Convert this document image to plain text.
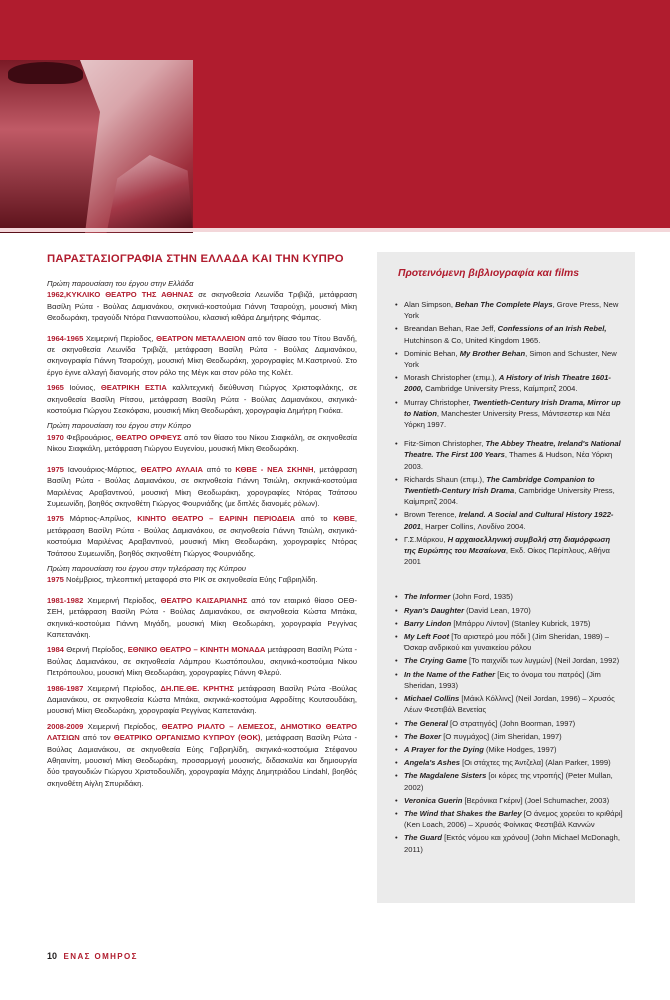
ΠΑΡΑΣΤΑΣΙΟΓΡΑΦΙΑ ΣΤΗΝ ΕΛΛΑΔΑ ΚΑΙ ΤΗΝ ΚΥΠΡΟ

Πρώτη παρουσίαση του έργου στην Ελλάδα

1962,ΚΥΚΛΙΚΟ ΘΕΑΤΡΟ ΤΗΣ ΑΘΗΝΑΣ σε σκηνοθεσία Λεωνίδα Τριβιζά, μετάφραση Βασίλη Ρώτα - Βούλας Δαμιανάκου, σκηνικά-κοστούμια Γιάννη Τσαρούχη, μουσική Μίκη Θεοδωράκη, τραγούδι Ντόρα Γιανναοπούλου, κλασική κιθάρα Δημήτρης Φάμπας.

1964-1965 Χειμερινή Περίοδος, ΘΕΑΤΡΟΝ ΜΕΤΑΛΛΕΙΟΝ από τον θίασο του Τίτου Βανδή, σε σκηνοθεσία Λεωνίδα Τριβιζά, μετάφραση Βασίλη Ρώτα - Βούλας Δαμιανάκου, σκηνογραφία Γιάννη Τσαρούχη, μουσική Μίκη Θεοδωράκη, χορογραφίες Μ.Καστρινού. Στο έργο έγινε αλλαγή διανομής στον ρόλο της Μέγκ και στον ρόλο της Κολέτ.

1965 Ιούνιος, ΘΕΑΤΡΙΚΗ ΕΣΤΙΑ καλλιτεχνική διεύθυνση Γιώργος Χριστοφιλάκης, σε σκηνοθεσία Βασίλη Ρίτσου, μετάφραση Βασίλη Ρώτα - Βούλας Δαμιανάκου, σκηνικά-κοστούμια Γιώργου Σεσκόφσκι, μουσική Μίκη Θεοδωράκη, χορογραφία Δημήτρη Γκιόκα.

Πρώτη παρουσίαση του έργου στην Κύπρο

1970 Φεβρουάριος, ΘΕΑΤΡΟ ΟΡΦΕΥΣ από τον θίασο του Νίκου Σιαφκάλη, σε σκηνοθεσία Νίκου Σιαφκάλη, μετάφραση Γιώργου Ευγενίου, μουσική Μίκη Θεοδωράκη.

1975 Ιανουάριος-Μάρτιος, ΘΕΑΤΡΟ ΑΥΛΑΙΑ από το ΚΘΒΕ - ΝΕΑ ΣΚΗΝΗ, μετάφραση Βασίλη Ρώτα - Βούλας Δαμιανάκου, σε σκηνοθεσία Γιάννη Τσιώλη, σκηνικά-κοστούμια Μαριλένας Αραβαντινού, μουσική Μίκη Θεοδωράκη, χορογραφίες Ντόρας Τσάτσου Συμεωνίδη, βοηθός σκηνοθέτη Γιώργος Φουρνιάδης (με διπλές διανομές ρόλων).

1975 Μάρτιος-Απρίλιος, ΚΙΝΗΤΟ ΘΕΑΤΡΟ – ΕΑΡΙΝΗ ΠΕΡΙΟΔΕΙΑ από το ΚΘΒΕ, μετάφραση Βασίλη Ρώτα - Βούλας Δαμιανάκου, σε σκηνοθεσία Γιάννη Τσιώλη, σκηνικά-κοστούμια Μαριλένας Αραβαντινού, μουσική Μίκη Θεοδωράκη, χορογραφίες Ντόρας Τσάτσου Συμεωνίδη, βοηθός σκηνοθέτη Γιώργος Φουρνιάδης.

Πρώτη παρουσίαση του έργου στην τηλεόραση της Κύπρου

1975 Νοέμβριος, τηλεοπτική μεταφορά στο ΡΙΚ σε σκηνοθεσία Εύης Γαβριηλίδη.

1981-1982 Χειμερινή Περίοδος, ΘΕΑΤΡΟ ΚΑΙΣΑΡΙΑΝΗΣ από τον εταιρικό θίασο ΟΕΘ-ΣΕΗ, μετάφραση Βασίλη Ρώτα - Βούλας Δαμιανάκου, σε σκηνοθεσία Κώστα Μπάκα, σκηνικά-κοστούμια Γιάννη Μιγάδη, μουσική Μίκη Θεοδωράκη, χορογραφία Ρεγγίνας Καπετανάκη.

1984 Θερινή Περίοδος, ΕΘΝΙΚΟ ΘΕΑΤΡΟ – ΚΙΝΗΤΗ ΜΟΝΑΔΑ μετάφραση Βασίλη Ρώτα - Βούλας Δαμιανάκου, σε σκηνοθεσία Λάμπρου Κωστόπουλου, σκηνικά-κοστούμια Νίκου Πετρόπουλου, μουσική Μίκη Θεοδωράκη, χορογραφίες Γιάννη Φλερύ.

1986-1987 Χειμερινή Περίοδος, ΔΗ.ΠΕ.ΘΕ. ΚΡΗΤΗΣ μετάφραση Βασίλη Ρώτα -Βούλας Δαμιανάκου, σε σκηνοθεσία Κώστα Μπάκα, σκηνικά-κοστούμια Αφροδίτης Κουτσουδάκη, μουσική Μίκη Θεοδωράκη, χορογραφία Ρεγγίνας Καπετανάκη.

2008-2009 Χειμερινή Περίοδος, ΘΕΑΤΡΟ ΡΙΑΛΤΟ – ΛΕΜΕΣΟΣ, ΔΗΜΟΤΙΚΟ ΘΕΑΤΡΟ ΛΑΤΣΙΩΝ από τον ΘΕΑΤΡΙΚΟ ΟΡΓΑΝΙΣΜΟ ΚΥΠΡΟΥ (ΘΟΚ), μετάφραση Βασίλη Ρώτα - Βούλας Δαμιανάκου, σε σκηνοθεσία Εύης Γαβριηλίδη, σκηνικά-κοστούμια Στέφανου Αθηαινίτη, μουσική Μίκη Θεοδωράκη, προσαρμογή μουσικής, διδασκαλία και δημιουργία δύο τραγουδιών Γιώργου Χριστοδουλίδη, χορογραφία Μάχης Δημητριάδου Lindahl, βοηθός σκηνοθέτη Αίγλη Σπυριδάκη.

Προτεινόμενη βιβλιογραφία και films
• Alan Simpson, Behan The Complete Plays, Grove Press, New York
• Breandan Behan, Rae Jeff, Confessions of an Irish Rebel, Hutchinson & Co, United Kingdom 1965.
• Dominic Behan, My Brother Behan, Simon and Schuster, New York
• Morash Christopher (επιμ.), A History of Irish Theatre 1601-2000, Cambridge University Press, Καίμπριτζ 2004.
• Murray Christopher, Twentieth-Century Irish Drama, Mirror up to Nation, Manchester University Press, Μάντσεστερ και Νέα Υόρκη 1997.
• Fitz-Simon Christopher, The Abbey Theatre, Ireland's National Theatre. The First 100 Years, Thames & Hudson, Νέα Υόρκη 2003.
• Richards Shaun (επιμ.), The Cambridge Companion to Twentieth-Century Irish Drama, Cambridge University Press, Καίμπριτζ 2004.
• Brown Terence, Ireland. A Social and Cultural History 1922-2001, Harper Collins, Λονδίνο 2004.
• Γ.Σ.Μάρκου, Η αρχαιοελληνική συμβολή στη διαμόρφωση της Ευρώπης του Μεσαίωνα, Εκδ. Οίκος Περίπλους, Αθήνα 2001
• The Informer (John Ford, 1935)
• Ryan's Daughter (David Lean, 1970)
• Barry Lindon [Μπάρρυ Λίντον] (Stanley Kubrick, 1975)
• My Left Foot [Το αριστερό μου πόδι ] (Jim Sheridan, 1989) – Όσκαρ ανδρικού και γυναικείου ρόλου
• The Crying Game [Το παιχνίδι των λυγμών] (Neil Jordan, 1992)
• In the Name of the Father [Εις το όνομα του πατρός] (Jim Sheridan, 1993)
• Michael Collins [Μάικλ Κόλλινς] (Neil Jordan, 1996) – Χρυσός Λέων Φεστιβάλ Βενετίας
• The General [Ο στρατηγός] (John Boorman, 1997)
• The Boxer [Ο πυγμάχος] (Jim Sheridan, 1997)
• A Prayer for the Dying (Mike Hodges, 1997)
• Angela's Ashes [Οι στάχτες της Άντζελα] (Alan Parker, 1999)
• The Magdalene Sisters [οι κόρες της ντροπής] (Peter Mullan, 2002)
• Veronica Guerin [Βερόνικα Γκέριν] (Joel Schumacher, 2003)
• The Wind that Shakes the Barley [Ο άνεμος χορεύει το κριθάρι] (Ken Loach, 2006) – Χρυσός Φοίνικας Φεστιβάλ Καννών
• The Guard [Εκτός νόμου και χρόνου] (John Michael McDonagh, 2011)
10 ΕΝΑΣ ΟΜΗΡΟΣ
